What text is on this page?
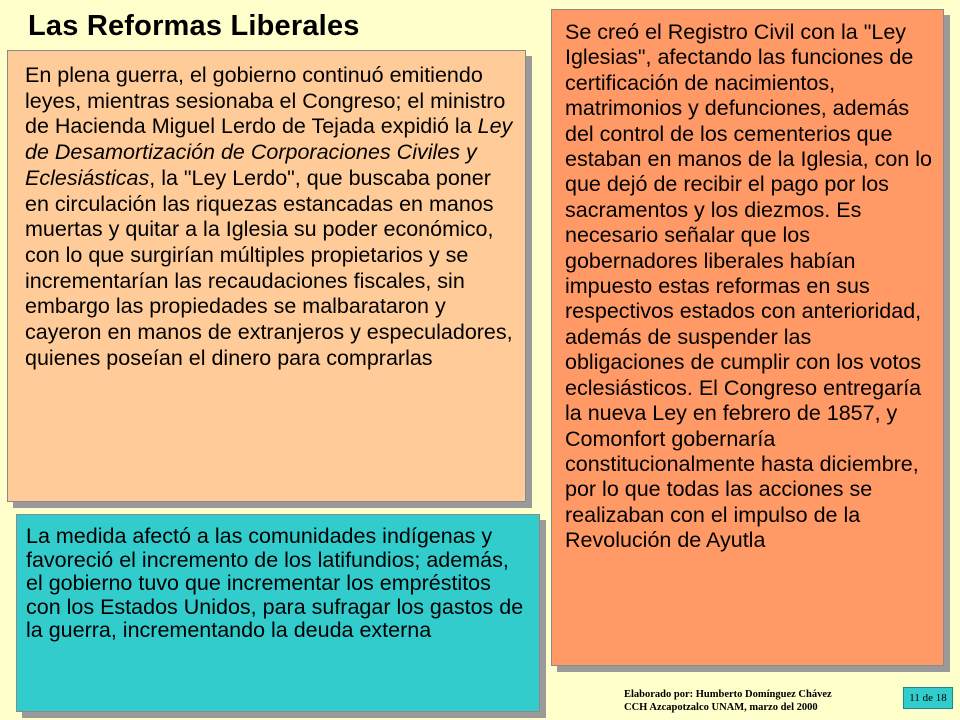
Las Reformas Liberales
En plena guerra, el gobierno continuó emitiendo leyes, mientras sesionaba el Congreso; el ministro de Hacienda Miguel Lerdo de Tejada expidió la Ley de Desamortización de Corporaciones Civiles y Eclesiásticas, la "Ley Lerdo", que buscaba poner en circulación las riquezas estancadas en manos muertas y quitar a la Iglesia su poder económico, con lo que surgirían múltiples propietarios y se incrementarían las recaudaciones fiscales, sin embargo las propiedades se malbarataron y cayeron en manos de extranjeros y especuladores, quienes poseían el dinero para comprarlas
La medida afectó a las comunidades indígenas y favoreció el incremento de los latifundios; además, el gobierno tuvo que incrementar los empréstitos con los Estados Unidos, para sufragar los gastos de la guerra, incrementando la deuda externa
Se creó el Registro Civil con la "Ley Iglesias", afectando las funciones de certificación de nacimientos, matrimonios y defunciones, además del control de los cementerios que estaban en manos de la Iglesia, con lo que dejó de recibir el pago por los sacramentos y los diezmos. Es necesario señalar que los gobernadores liberales habían impuesto estas reformas en sus respectivos estados con anterioridad, además de suspender las obligaciones de cumplir con los votos eclesiásticos. El Congreso entregaría la nueva Ley en febrero de 1857, y Comonfort gobernaría constitucionalmente hasta diciembre, por lo que todas las acciones se realizaban con el impulso de la Revolución de Ayutla
Elaborado por: Humberto Domínguez Chávez
CCH Azcapotzalco UNAM, marzo del 2000
11 de 18
